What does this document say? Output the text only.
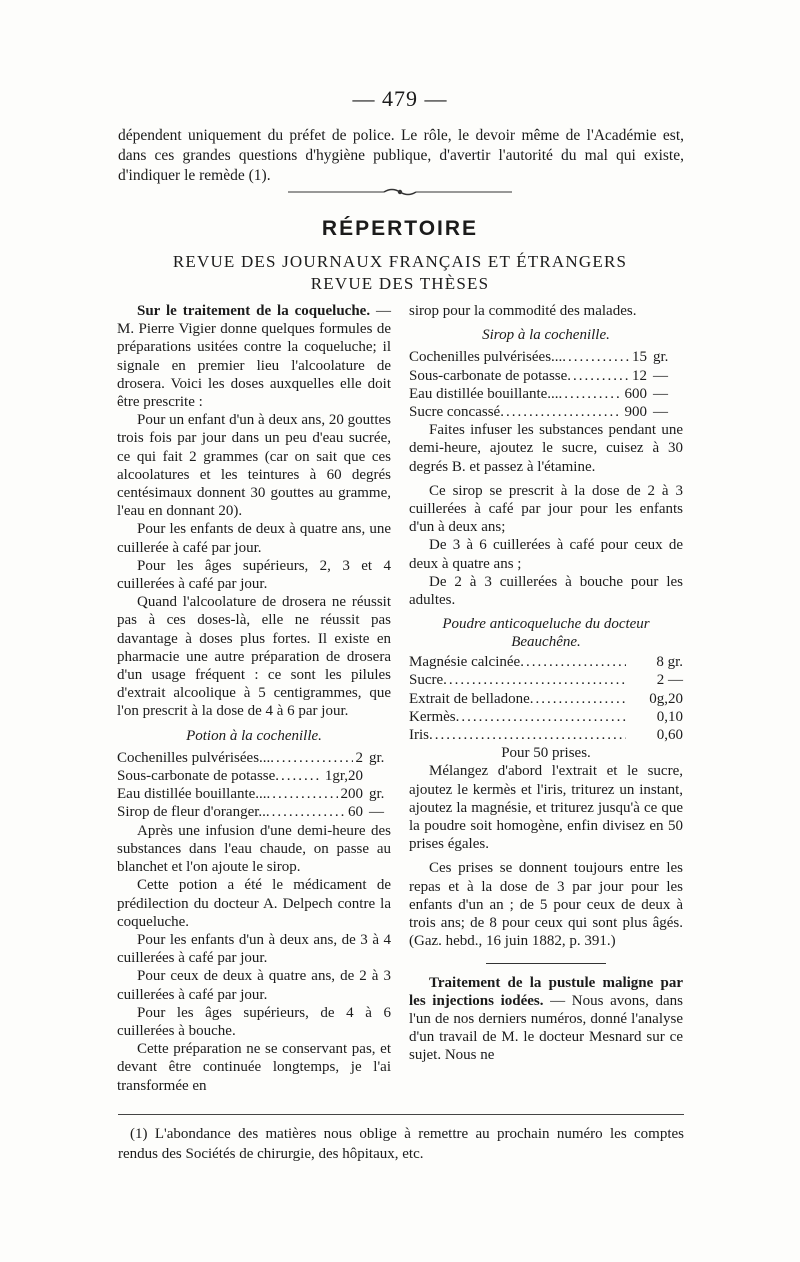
— 479 —
dépendent uniquement du préfet de police. Le rôle, le devoir même de l'Académie est, dans ces grandes questions d'hygiène publique, d'avertir l'autorité du mal qui existe, d'indiquer le remède (1).
RÉPERTOIRE
REVUE DES JOURNAUX FRANÇAIS ET ÉTRANGERS
REVUE DES THÈSES

Sur le traitement de la coqueluche. — M. Pierre Vigier donne quelques formules de préparations usitées contre la coqueluche; il signale en premier lieu l'alcoolature de drosera. Voici les doses auxquelles elle doit être prescrite :

Pour un enfant d'un à deux ans, 20 gouttes trois fois par jour dans un peu d'eau sucrée, ce qui fait 2 grammes (car on sait que ces alcoolatures et les teintures à 60 degrés centésimaux donnent 30 gouttes au gramme, l'eau en donnant 20).

Pour les enfants de deux à quatre ans, une cuillerée à café par jour.

Pour les âges supérieurs, 2, 3 et 4 cuillerées à café par jour.

Quand l'alcoolature de drosera ne réussit pas à ces doses-là, elle ne réussit pas davantage à doses plus fortes. Il existe en pharmacie une autre préparation de drosera d'un usage fréquent : ce sont les pilules d'extrait alcoolique à 5 centigrammes, que l'on prescrit à la dose de 4 à 6 par jour.

Potion à la cochenille.
Cochenilles pulvérisées... .....	2 gr.
Sous-carbonate de potasse .....	1gr,20
Eau distillée bouillante... .....	200 gr.
Sirop de fleur d'oranger.. .....	60 —

Après une infusion d'une demi-heure des substances dans l'eau chaude, on passe au blanchet et l'on ajoute le sirop.

Cette potion a été le médicament de prédilection du docteur A. Delpech contre la coqueluche.

Pour les enfants d'un à deux ans, de 3 à 4 cuillerées à café par jour.

Pour ceux de deux à quatre ans, de 2 à 3 cuillerées à café par jour.

Pour les âges supérieurs, de 4 à 6 cuillerées à bouche.

Cette préparation ne se conservant pas, et devant être continuée longtemps, je l'ai transformée en

sirop pour la commodité des malades.

Sirop à la cochenille.
Cochenilles pulvérisées... .....	15 gr.
Sous-carbonate de potasse .....	12 —
Eau distillée bouillante... .....	600 —
Sucre concassé .....	900 —

Faites infuser les substances pendant une demi-heure, ajoutez le sucre, cuisez à 30 degrés B. et passez à l'étamine.

Ce sirop se prescrit à la dose de 2 à 3 cuillerées à café par jour pour les enfants d'un à deux ans;

De 3 à 6 cuillerées à café pour ceux de deux à quatre ans ;

De 2 à 3 cuillerées à bouche pour les adultes.

Poudre anticoqueluche du docteur Beauchêne.
Magnésie calcinée .....	8 gr.
Sucre .....	2 —
Extrait de belladone .....	0g,20
Kermès .....	0,10
Iris .....	0,60

Pour 50 prises.

Mélangez d'abord l'extrait et le sucre, ajoutez le kermès et l'iris, triturez un instant, ajoutez la magnésie, et triturez jusqu'à ce que la poudre soit homogène, enfin divisez en 50 prises égales.

Ces prises se donnent toujours entre les repas et à la dose de 3 par jour pour les enfants d'un an ; de 5 pour ceux de deux à trois ans; de 8 pour ceux qui sont plus âgés. (Gaz. hebd., 16 juin 1882, p. 391.)

Traitement de la pustule maligne par les injections iodées. — Nous avons, dans l'un de nos derniers numéros, donné l'analyse d'un travail de M. le docteur Mesnard sur ce sujet. Nous ne

(1) L'abondance des matières nous oblige à remettre au prochain numéro les comptes rendus des Sociétés de chirurgie, des hôpitaux, etc.
